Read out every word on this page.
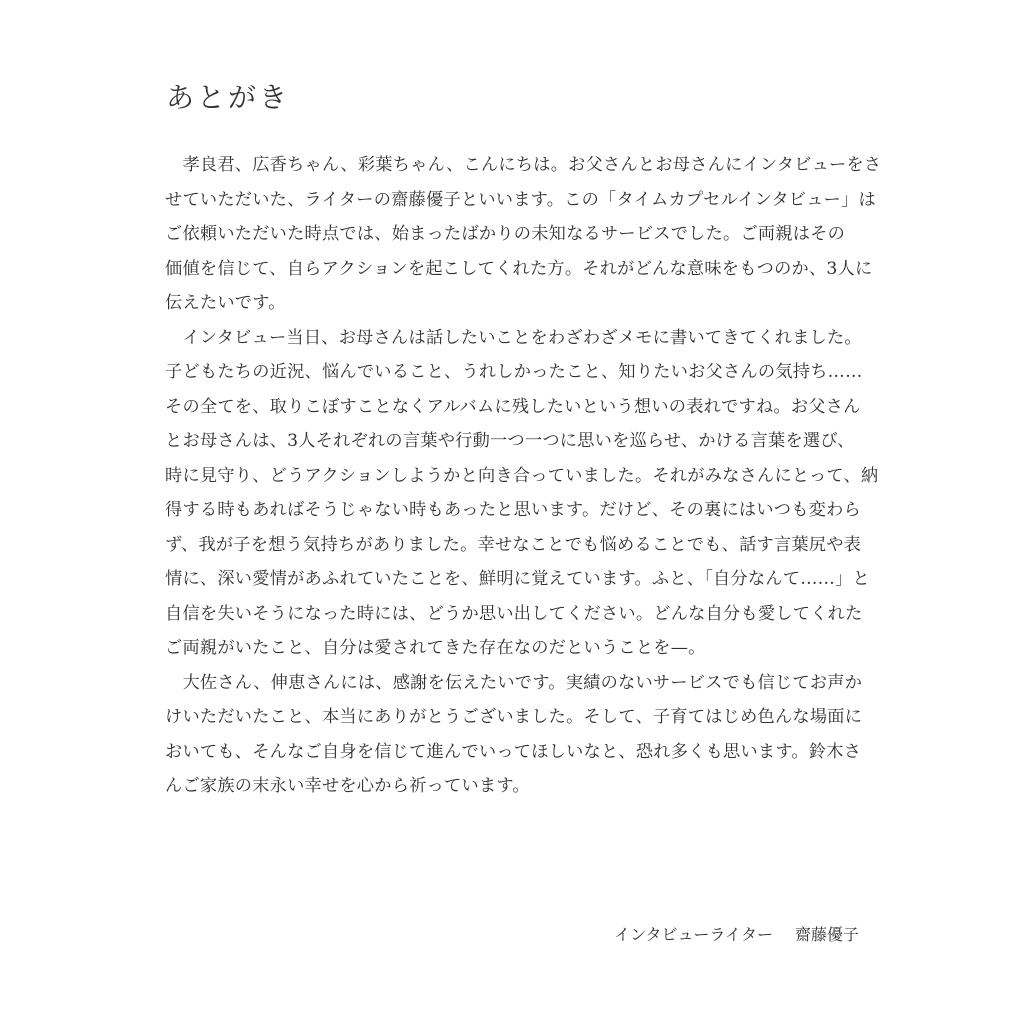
あとがき
　孝良君、広香ちゃん、彩葉ちゃん、こんにちは。お父さんとお母さんにインタビューをさ
せていただいた、ライターの齋藤優子といいます。この「タイムカプセルインタビュー」は
ご依頼いただいた時点では、始まったばかりの未知なるサービスでした。ご両親はその
価値を信じて、自らアクションを起こしてくれた方。それがどんな意味をもつのか、3人に
伝えたいです。
　インタビュー当日、お母さんは話したいことをわざわざメモに書いてきてくれました。
子どもたちの近況、悩んでいること、うれしかったこと、知りたいお父さんの気持ち……
その全てを、取りこぼすことなくアルバムに残したいという想いの表れですね。お父さん
とお母さんは、3人それぞれの言葉や行動一つ一つに思いを巡らせ、かける言葉を選び、
時に見守り、どうアクションしようかと向き合っていました。それがみなさんにとって、納
得する時もあればそうじゃない時もあったと思います。だけど、その裏にはいつも変わら
ず、我が子を想う気持ちがありました。幸せなことでも悩めることでも、話す言葉尻や表
情に、深い愛情があふれていたことを、鮮明に覚えています。ふと、「自分なんて……」と
自信を失いそうになった時には、どうか思い出してください。どんな自分も愛してくれた
ご両親がいたこと、自分は愛されてきた存在なのだということを—。
　大佐さん、伸恵さんには、感謝を伝えたいです。実績のないサービスでも信じてお声か
けいただいたこと、本当にありがとうございました。そして、子育てはじめ色んな場面に
おいても、そんなご自身を信じて進んでいってほしいなと、恐れ多くも思います。鈴木さ
んご家族の末永い幸せを心から祈っています。
インタビューライター 齋藤優子
